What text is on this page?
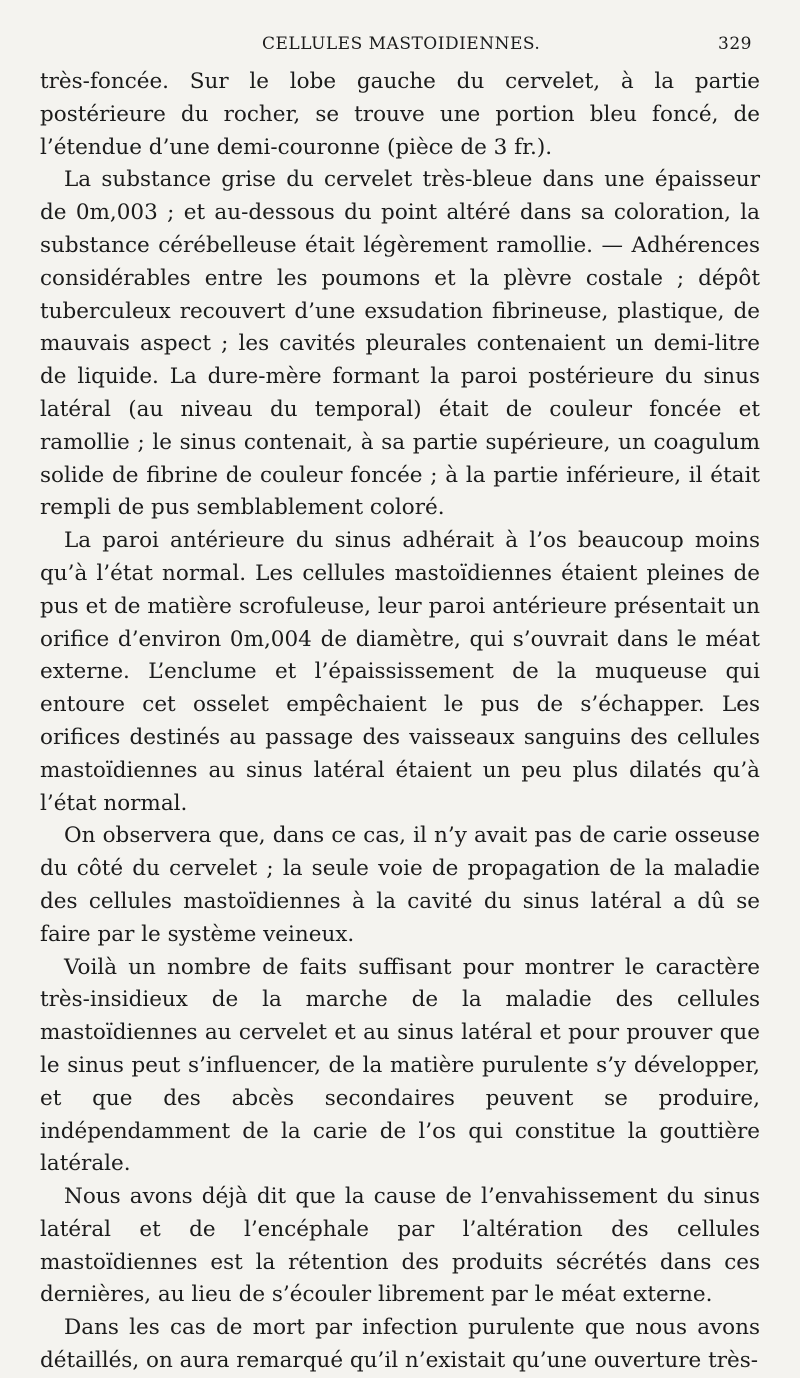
CELLULES MASTOIDIENNES.	329

très-foncée. Sur le lobe gauche du cervelet, à la partie postérieure du rocher, se trouve une portion bleu foncé, de l’étendue d’une demi-couronne (pièce de 3 fr.).

La substance grise du cervelet très-bleue dans une épaisseur de 0m,003 ; et au-dessous du point altéré dans sa coloration, la substance cérébelleuse était légèrement ramollie. — Adhérences considérables entre les poumons et la plèvre costale ; dépôt tuberculeux recouvert d’une exsudation fibrineuse, plastique, de mauvais aspect ; les cavités pleurales contenaient un demi-litre de liquide. La dure-mère formant la paroi postérieure du sinus latéral (au niveau du temporal) était de couleur foncée et ramollie ; le sinus contenait, à sa partie supérieure, un coagulum solide de fibrine de couleur foncée ; à la partie inférieure, il était rempli de pus semblablement coloré.

La paroi antérieure du sinus adhérait à l’os beaucoup moins qu’à l’état normal. Les cellules mastoïdiennes étaient pleines de pus et de matière scrofuleuse, leur paroi antérieure présentait un orifice d’environ 0m,004 de diamètre, qui s’ouvrait dans le méat externe. L’enclume et l’épaississement de la muqueuse qui entoure cet osselet empêchaient le pus de s’échapper. Les orifices destinés au passage des vaisseaux sanguins des cellules mastoïdiennes au sinus latéral étaient un peu plus dilatés qu’à l’état normal.

On observera que, dans ce cas, il n’y avait pas de carie osseuse du côté du cervelet ; la seule voie de propagation de la maladie des cellules mastoïdiennes à la cavité du sinus latéral a dû se faire par le système veineux.

Voilà un nombre de faits suffisant pour montrer le caractère très-insidieux de la marche de la maladie des cellules mastoïdiennes au cervelet et au sinus latéral et pour prouver que le sinus peut s’influencer, de la matière purulente s’y développer, et que des abcès secondaires peuvent se produire, indépendamment de la carie de l’os qui constitue la gouttière latérale.

Nous avons déjà dit que la cause de l’envahissement du sinus latéral et de l’encéphale par l’altération des cellules mastoïdiennes est la rétention des produits sécrétés dans ces dernières, au lieu de s’écouler librement par le méat externe.

Dans les cas de mort par infection purulente que nous avons détaillés, on aura remarqué qu’il n’existait qu’une ouverture très-
